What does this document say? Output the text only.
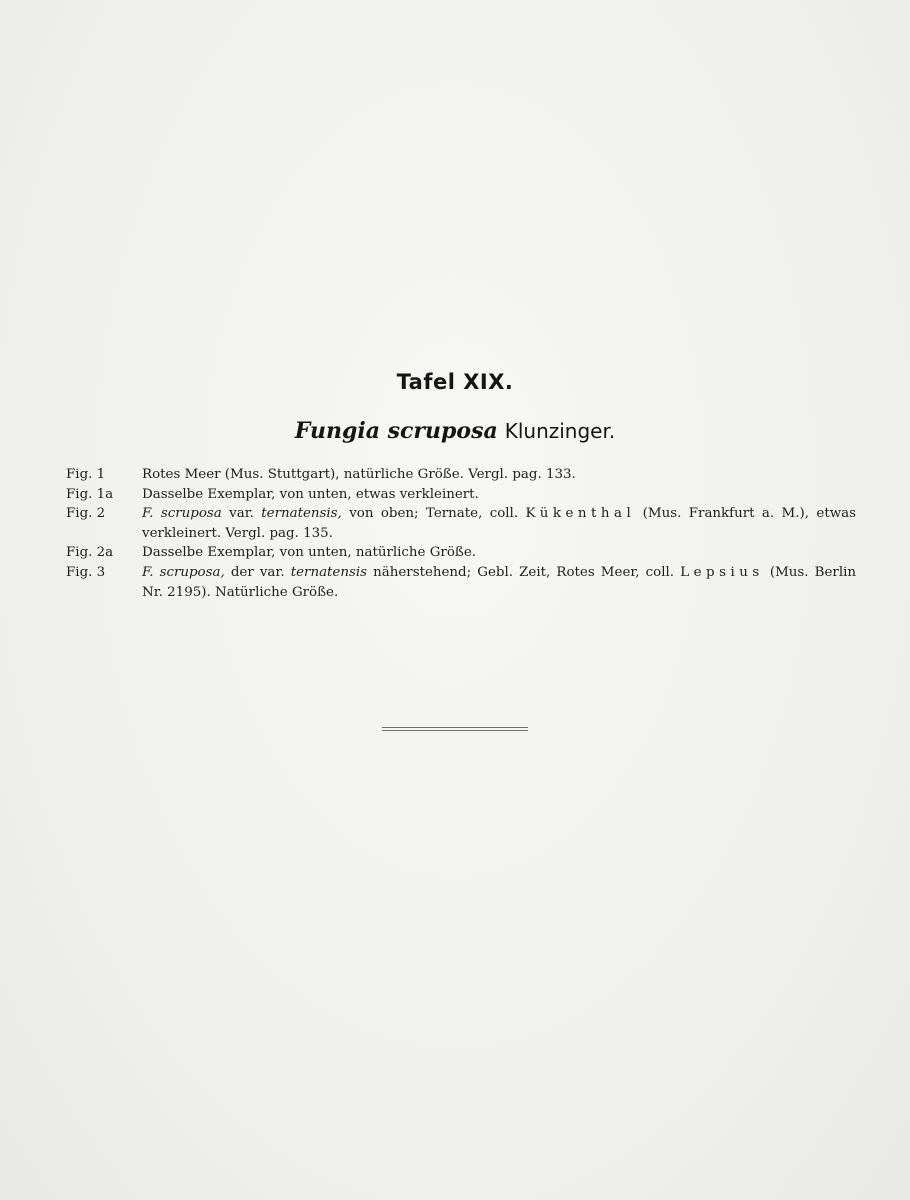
Tafel XIX.
Fungia scruposa Klunzinger.
Fig. 1	Rotes Meer (Mus. Stuttgart), natürliche Größe. Vergl. pag. 133.
Fig. 1a	Dasselbe Exemplar, von unten, etwas verkleinert.
Fig. 2	F. scruposa var. ternatensis, von oben; Ternate, coll. Kükenthal (Mus. Frankfurt a. M.), etwas verkleinert. Vergl. pag. 135.
Fig. 2a	Dasselbe Exemplar, von unten, natürliche Größe.
Fig. 3	F. scruposa, der var. ternatensis näherstehend; Gebl. Zeit, Rotes Meer, coll. Lepsius (Mus. Berlin Nr. 2195). Natürliche Größe.
